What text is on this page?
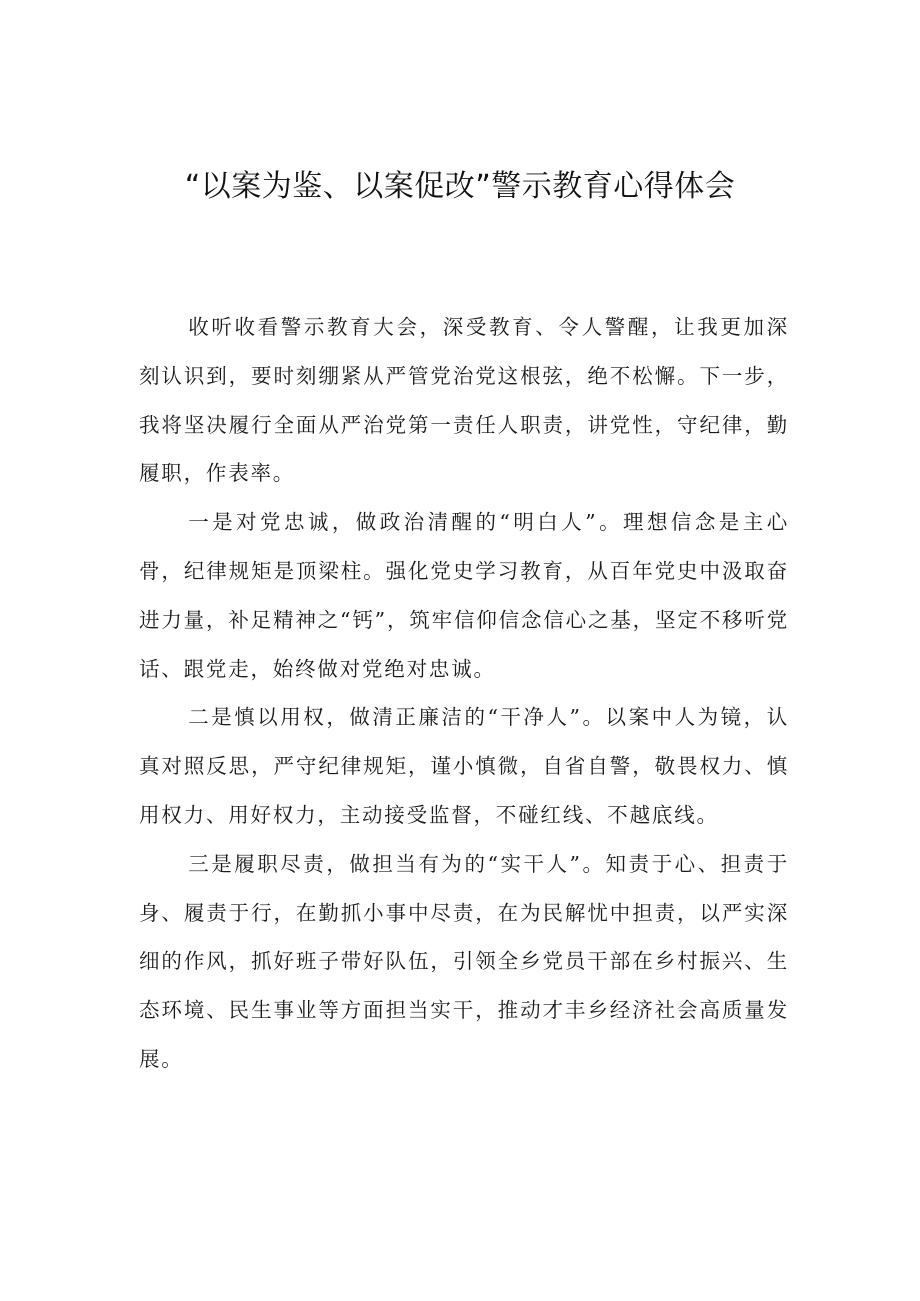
“以案为鉴、以案促改”警示教育心得体会

收听收看警示教育大会，深受教育、令人警醒，让我更加深刻认识到，要时刻绷紧从严管党治党这根弦，绝不松懈。下一步，我将坚决履行全面从严治党第一责任人职责，讲党性，守纪律，勤履职，作表率。

一是对党忠诚，做政治清醒的“明白人”。理想信念是主心骨，纪律规矩是顶梁柱。强化党史学习教育，从百年党史中汲取奋进力量，补足精神之“钙”，筑牢信仰信念信心之基，坚定不移听党话、跟党走，始终做对党绝对忠诚。

二是慎以用权，做清正廉洁的“干净人”。以案中人为镜，认真对照反思，严守纪律规矩，谨小慎微，自省自警，敬畏权力、慎用权力、用好权力，主动接受监督，不碰红线、不越底线。

三是履职尽责，做担当有为的“实干人”。知责于心、担责于身、履责于行，在勤抓小事中尽责，在为民解忧中担责，以严实深细的作风，抓好班子带好队伍，引领全乡党员干部在乡村振兴、生态环境、民生事业等方面担当实干，推动才丰乡经济社会高质量发展。
